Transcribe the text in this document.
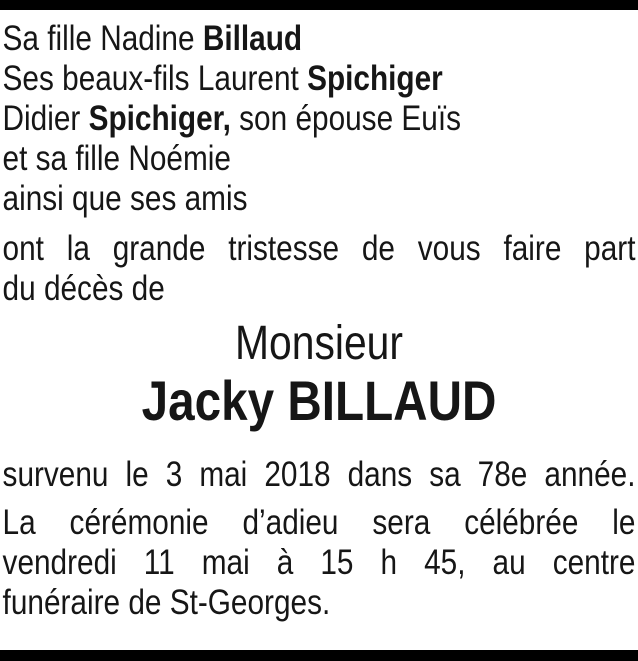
Sa fille Nadine Billaud
Ses beaux-fils Laurent Spichiger
Didier Spichiger, son épouse Euïs
et sa fille Noémie
ainsi que ses amis

ont la grande tristesse de vous faire part
du décès de

Monsieur
Jacky BILLAUD

survenu le 3 mai 2018 dans sa 78e année.

La cérémonie d’adieu sera célébrée le
vendredi 11 mai à 15 h 45, au centre
funéraire de St-Georges.
